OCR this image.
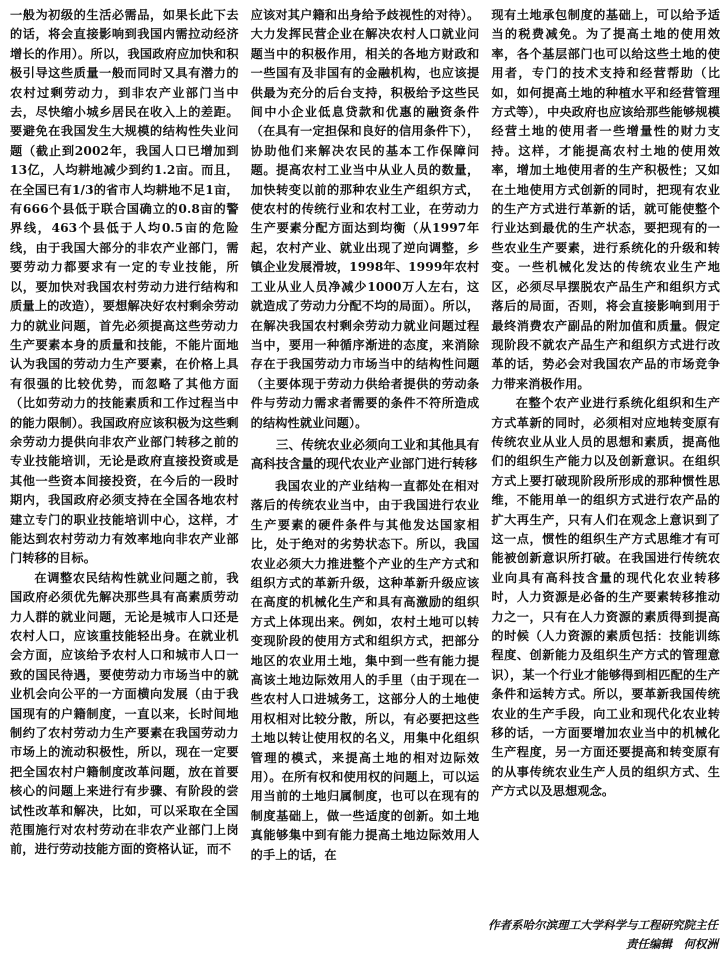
一般为初级的生活必需品，如果长此下去的话，将会直接影响到我国内需拉动经济增长的作用）。所以，我国政府应加快和积极引导这些质量一般而同时又具有潜力的农村过剩劳动力，到非农产业部门当中去，尽快缩小城乡居民在收入上的差距。要避免在我国发生大规模的结构性失业问题（截止到2002年，我国人口已增加到13亿，人均耕地减少到约1.2亩。而且，在全国已有1/3的省市人均耕地不足1亩，有666个县低于联合国确立的0.8亩的警界线，463个县低于人均0.5亩的危险线，由于我国大部分的非农产业部门，需要劳动力都要求有一定的专业技能，所以，要加快对我国农村劳动力进行结构和质量上的改造），要想解决好农村剩余劳动力的就业问题，首先必须提高这些劳动力生产要素本身的质量和技能，不能片面地认为我国的劳动力生产要素，在价格上具有很强的比较优势，而忽略了其他方面（比如劳动力的技能素质和工作过程当中的能力限制）。我国政府应该积极为这些剩余劳动力提供向非农产业部门转移之前的专业技能培训，无论是政府直接投资或是其他一些资本间接投资，在今后的一段时期内，我国政府必须支持在全国各地农村建立专门的职业技能培训中心，这样，才能达到农村劳动力有效率地向非农产业部门转移的目标。

在调整农民结构性就业问题之前，我国政府必须优先解决那些具有高素质劳动力人群的就业问题，无论是城市人口还是农村人口，应该重技能轻出身。在就业机会方面，应该给予农村人口和城市人口一致的国民待遇，要使劳动力市场当中的就业机会向公平的一方面横向发展（由于我国现有的户籍制度，一直以来，长时间地制约了农村劳动力生产要素在我国劳动力市场上的流动积极性，所以，现在一定要把全国农村户籍制度改革问题，放在首要核心的问题上来进行有步骤、有阶段的尝试性改革和解决，比如，可以采取在全国范围施行对农村劳动在非农产业部门上岗前，进行劳动技能方面的资格认证，而不

应该对其户籍和出身给予歧视性的对待）。大力发挥民营企业在解决农村人口就业问题当中的积极作用，相关的各地方财政和一些国有及非国有的金融机构，也应该提供最为充分的后台支持，积极给予这些民间中小企业低息贷款和优惠的融资条件（在具有一定担保和良好的信用条件下），协助他们来解决农民的基本工作保障问题。提高农村工业当中从业人员的数量，加快转变以前的那种农业生产组织方式，使农村的传统行业和农村工业，在劳动力生产要素分配方面达到均衡（从1997年起，农村产业、就业出现了逆向调整，乡镇企业发展滑坡，1998年、1999年农村工业从业人员净减少1000万人左右，这就造成了劳动力分配不均的局面）。所以，在解决我国农村剩余劳动力就业问题过程当中，要用一种循序渐进的态度，来消除存在于我国劳动力市场当中的结构性问题（主要体现于劳动力供给者提供的劳动条件与劳动力需求者需要的条件不符所造成的结构性就业问题）。

三、传统农业必须向工业和其他具有高科技含量的现代农业产业部门进行转移

我国农业的产业结构一直都处在相对落后的传统农业当中，由于我国进行农业生产要素的硬件条件与其他发达国家相比，处于绝对的劣势状态下。所以，我国农业必须大力推进整个产业的生产方式和组织方式的革新升级，这种革新升级应该在高度的机械化生产和具有高激励的组织方式上体现出来。例如，农村土地可以转变现阶段的使用方式和组织方式，把部分地区的农业用土地，集中到一些有能力提高该土地边际效用人的手里（由于现在一些农村人口进城务工，这部分人的土地使用权相对比较分散，所以，有必要把这些土地以转让使用权的名义，用集中化组织管理的模式，来提高土地的相对边际效用）。在所有权和使用权的问题上，可以运用当前的土地归属制度，也可以在现有的制度基础上，做一些适度的创新。如土地真能够集中到有能力提高土地边际效用人的手上的话，在

现有土地承包制度的基础上，可以给予适当的税费减免。为了提高土地的使用效率，各个基层部门也可以给这些土地的使用者，专门的技术支持和经营帮助（比如，如何提高土地的种植水平和经营管理方式等），中央政府也应该给那些能够规模经营土地的使用者一些增量性的财力支持。这样，才能提高农村土地的使用效率，增加土地使用者的生产积极性；又如在土地使用方式创新的同时，把现有农业的生产方式进行革新的话，就可能使整个行业达到最优的生产状态，要把现有的一些农业生产要素，进行系统化的升级和转变。一些机械化发达的传统农业生产地区，必须尽早摆脱农产品生产和组织方式落后的局面，否则，将会直接影响到用于最终消费农产副品的附加值和质量。假定现阶段不就农产品生产和组织方式进行改革的话，势必会对我国农产品的市场竞争力带来消极作用。

在整个农产业进行系统化组织和生产方式革新的同时，必须相对应地转变原有传统农业从业人员的思想和素质，提高他们的组织生产能力以及创新意识。在组织方式上要打破现阶段所形成的那种惯性思维，不能用单一的组织方式进行农产品的扩大再生产，只有人们在观念上意识到了这一点，惯性的组织生产方式思维才有可能被创新意识所打破。在我国进行传统农业向具有高科技含量的现代化农业转移时，人力资源是必备的生产要素转移推动力之一，只有在人力资源的素质得到提高的时候（人力资源的素质包括：技能训练程度、创新能力及组织生产方式的管理意识），某一个行业才能够得到相匹配的生产条件和运转方式。所以，要革新我国传统农业的生产手段，向工业和现代化农业转移的话，一方面要增加农业当中的机械化生产程度，另一方面还要提高和转变原有的从事传统农业生产人员的组织方式、生产方式以及思想观念。

作者系哈尔滨理工大学科学与工程研究院主任
责任编辑　何权洲
